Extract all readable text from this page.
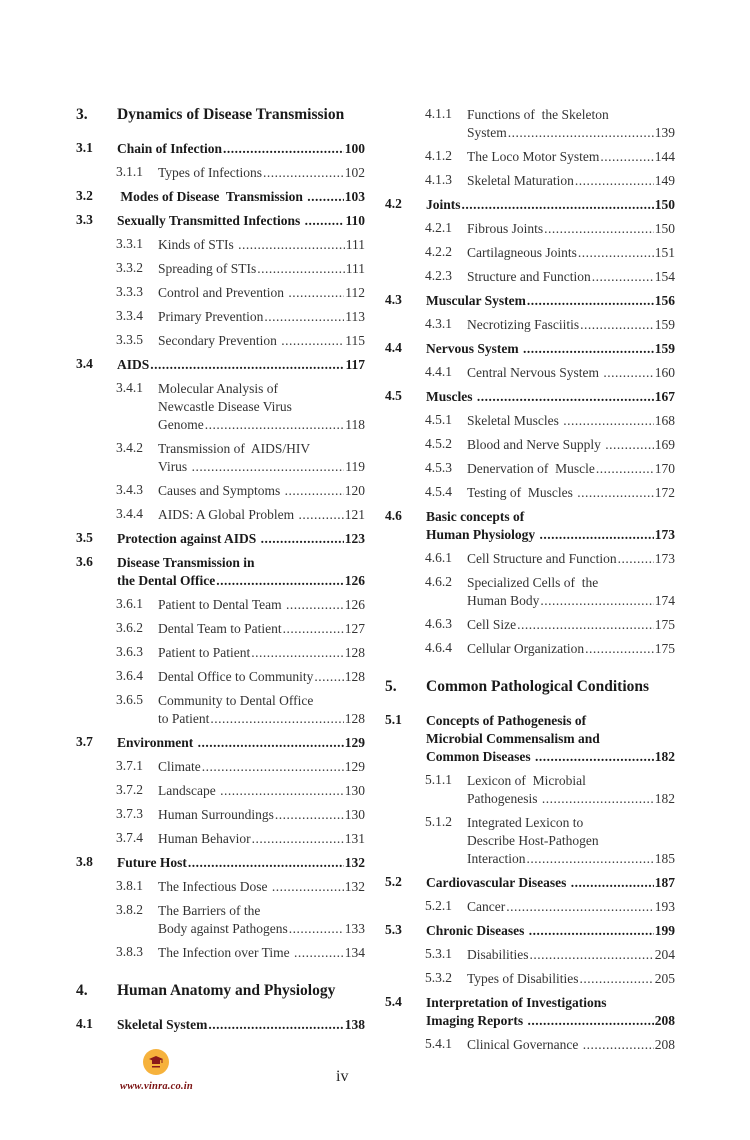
3. Dynamics of Disease Transmission
3.1 Chain of Infection .....	100
3.1.1 Types of Infections .....	102
3.2 Modes of Disease  Transmission .....	103
3.3 Sexually Transmitted Infections .....	110
3.3.1 Kinds of STIs .....	111
3.3.2 Spreading of STIs .....	111
3.3.3 Control and Prevention .....	112
3.3.4 Primary Prevention .....	113
3.3.5 Secondary Prevention .....	115
3.4 AIDS .....	117
3.4.1 Molecular Analysis of
Newcastle Disease Virus
Genome .....	118
3.4.2 Transmission of  AIDS/HIV
Virus .....	119
3.4.3 Causes and Symptoms .....	120
3.4.4 AIDS: A Global Problem .....	121
3.5 Protection against AIDS .....	123
3.6 Disease Transmission in
the Dental Office .....	126
3.6.1 Patient to Dental Team .....	126
3.6.2 Dental Team to Patient .....	127
3.6.3 Patient to Patient .....	128
3.6.4 Dental Office to Community ..... 128
3.6.5 Community to Dental Office
to Patient .....	128
3.7 Environment .....	129
3.7.1 Climate .....	129
3.7.2 Landscape .....	130
3.7.3 Human Surroundings .....	130
3.7.4 Human Behavior .....	131
3.8 Future Host .....	132
3.8.1 The Infectious Dose .....	132
3.8.2 The Barriers of the
Body against Pathogens .....	133
3.8.3 The Infection over Time .....	134
4. Human Anatomy and Physiology
4.1 Skeletal System .....	138
4.1.1 Functions of  the Skeleton
System .....	139
4.1.2 The Loco Motor System .....	144
4.1.3 Skeletal Maturation .....	149
4.2 Joints .....	150
4.2.1 Fibrous Joints .....	150
4.2.2 Cartilagneous Joints .....	151
4.2.3 Structure and Function .....	154
4.3 Muscular System .....	156
4.3.1 Necrotizing Fasciitis .....	159
4.4 Nervous System .....	159
4.4.1 Central Nervous System .....	160
4.5 Muscles .....	167
4.5.1 Skeletal Muscles .....	168
4.5.2 Blood and Nerve Supply .....	169
4.5.3 Denervation of  Muscle .....	170
4.5.4 Testing of  Muscles .....	172
4.6 Basic concepts of
Human Physiology .....	173
4.6.1 Cell Structure and Function .....	173
4.6.2 Specialized Cells of  the
Human Body .....	174
4.6.3 Cell Size .....	175
4.6.4 Cellular Organization .....	175
5. Common Pathological Conditions
5.1 Concepts of Pathogenesis of
Microbial Commensalism and
Common Diseases .....	182
5.1.1 Lexicon of  Microbial
Pathogenesis .....	182
5.1.2 Integrated Lexicon to
Describe Host-Pathogen
Interaction .....	185
5.2 Cardiovascular Diseases .....	187
5.2.1 Cancer .....	193
5.3 Chronic Diseases .....	199
5.3.1 Disabilities .....	204
5.3.2 Types of Disabilities .....	205
5.4 Interpretation of Investigations
Imaging Reports .....	208
5.4.1 Clinical Governance .....	208
www.vinra.co.in
iv
